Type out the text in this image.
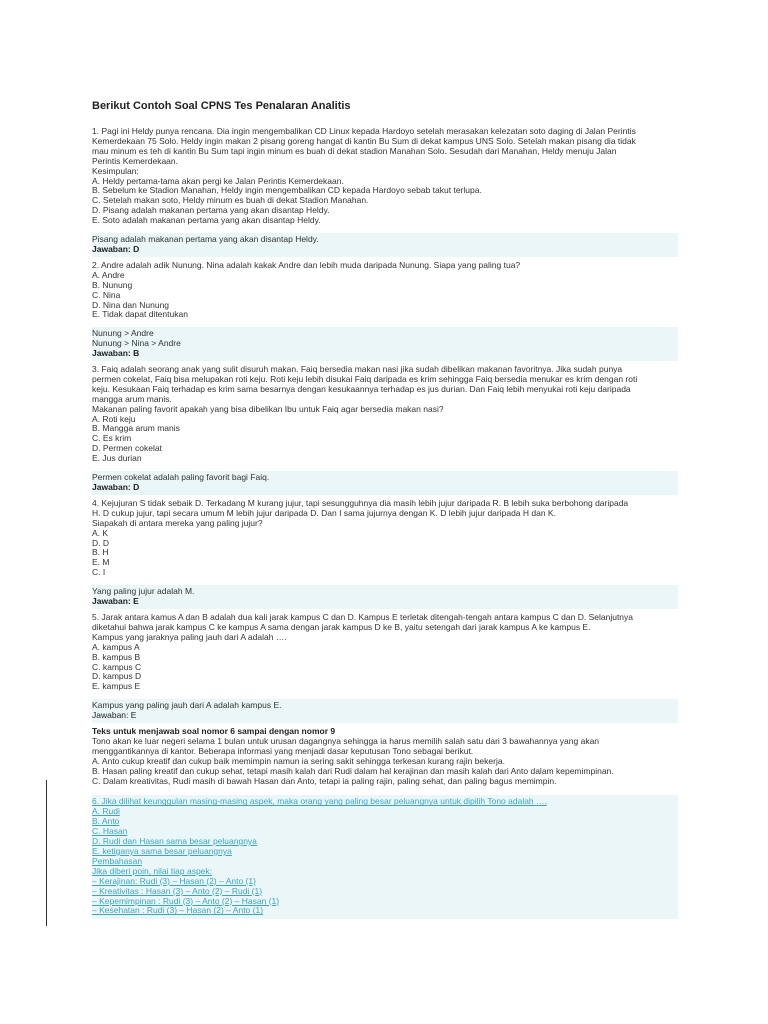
Berikut Contoh Soal CPNS Tes Penalaran Analitis

1. Pagi ini Heldy punya rencana. Dia ingin mengembalikan CD Linux kepada Hardoyo setelah merasakan kelezatan soto daging di Jalan Perintis

Kemerdekaan 75 Solo. Heldy ingin makan 2 pisang goreng hangat di kantin Bu Sum di dekat kampus UNS Solo. Setelah makan pisang dia tidak

mau minum es teh di kantin Bu Sum tapi ingin minum es buah di dekat stadion Manahan Solo. Sesudah dari Manahan, Heldy menuju Jalan

Perintis Kemerdekaan.

Kesimpulan:

A. Heldy pertama-tama akan pergi ke Jalan Perintis Kemerdekaan.

B. Sebelum ke Stadion Manahan, Heldy ingin mengembalikan CD kepada Hardoyo sebab takut terlupa.

C. Setelah makan soto, Heldy minum es buah di dekat Stadion Manahan.

D. Pisang adalah makanan pertama yang akan disantap Heldy.

E. Soto adalah makanan pertama yang akan disantap Heldy.

Pisang adalah makanan pertama yang akan disantap Heldy.

Jawaban: D

2. Andre adalah adik Nunung. Nina adalah kakak Andre dan lebih muda daripada Nunung. Siapa yang paling tua?

A. Andre

B. Nunung

C. Nina

D. Nina dan Nunung

E. Tidak dapat ditentukan

Nunung > Andre

Nunung > Nina > Andre

Jawaban: B

3. Faiq adalah seorang anak yang sulit disuruh makan. Faiq bersedia makan nasi jika sudah dibelikan makanan favoritnya. Jika sudah punya

permen cokelat, Faiq bisa melupakan roti keju. Roti keju lebih disukai Faiq daripada es krim sehingga Faiq bersedia menukar es krim dengan roti

keju. Kesukaan Faiq terhadap es krim sama besarnya dengan kesukaannya terhadap es jus durian. Dan Faiq lebih menyukai roti keju daripada

mangga arum manis.

Makanan paling favorit apakah yang bisa dibelikan Ibu untuk Faiq agar bersedia makan nasi?

A. Roti keju

B. Mangga arum manis

C. Es krim

D. Permen cokelat

E. Jus durian

Permen cokelat adalah paling favorit bagi Faiq.

Jawaban: D

4. Kejujuran S tidak sebaik D. Terkadang M kurang jujur, tapi sesungguhnya dia masih lebih jujur daripada R. B lebih suka berbohong daripada

H. D cukup jujur, tapi secara umum M lebih jujur daripada D. Dan I sama jujurnya dengan K. D lebih jujur daripada H dan K.

Siapakah di antara mereka yang paling jujur?

A. K

D. D

B. H

E. M

C. I

Yang paling jujur adalah M.

Jawaban: E

5. Jarak antara kamus A dan B adalah dua kali jarak kampus C dan D. Kampus E terletak ditengah-tengah antara kampus C dan D. Selanjutnya

diketahui bahwa jarak kampus C ke kampus A sama dengan jarak kampus D ke B, yaitu setengah dari jarak kampus A ke kampus E.

Kampus yang jaraknya paling jauh dari A adalah ….

A. kampus A

B. kampus B

C. kampus C

D. kampus D

E. kampus E

Kampus yang paling jauh dari A adalah kampus E.

Jawaban: E

Teks untuk menjawab soal nomor 6 sampai dengan nomor 9

Tono akan ke luar negeri selama 1 bulan untuk urusan dagangnya sehingga ia harus memilih salah satu dari 3 bawahannya yang akan

menggantikannya di kantor. Beberapa informasi yang menjadi dasar keputusan Tono sebagai berikut.

A. Anto cukup kreatif dan cukup baik memimpin namun ia sering sakit sehingga terkesan kurang rajin bekerja.

B. Hasan paling kreatif dan cukup sehat, tetapi masih kalah dari Rudi dalam hal kerajinan dan masih kalah dari Anto dalam kepemimpinan.

C. Dalam kreativitas, Rudi masih di bawah Hasan dan Anto, tetapi ia paling rajin, paling sehat, dan paling bagus memimpin.

6. Jika dilihat keunggulan masing-masing aspek, maka orang yang paling besar peluangnya untuk dipilih Tono adalah ….

A. Rudi

B. Anto

C. Hasan

D. Rudi dan Hasan sama besar peluangnya

E. ketiganya sama besar peluangnya

Pembahasan

Jika diberi poin, nilai tiap aspek:

– Kerajinan: Rudi (3) – Hasan (2) – Anto (1)

– Kreativitas : Hasan (3) – Anto (2) – Rudi (1)

– Kepemimpinan : Rudi (3) – Anto (2) – Hasan (1)

– Kesehatan : Rudi (3) – Hasan (2) – Anto (1)
